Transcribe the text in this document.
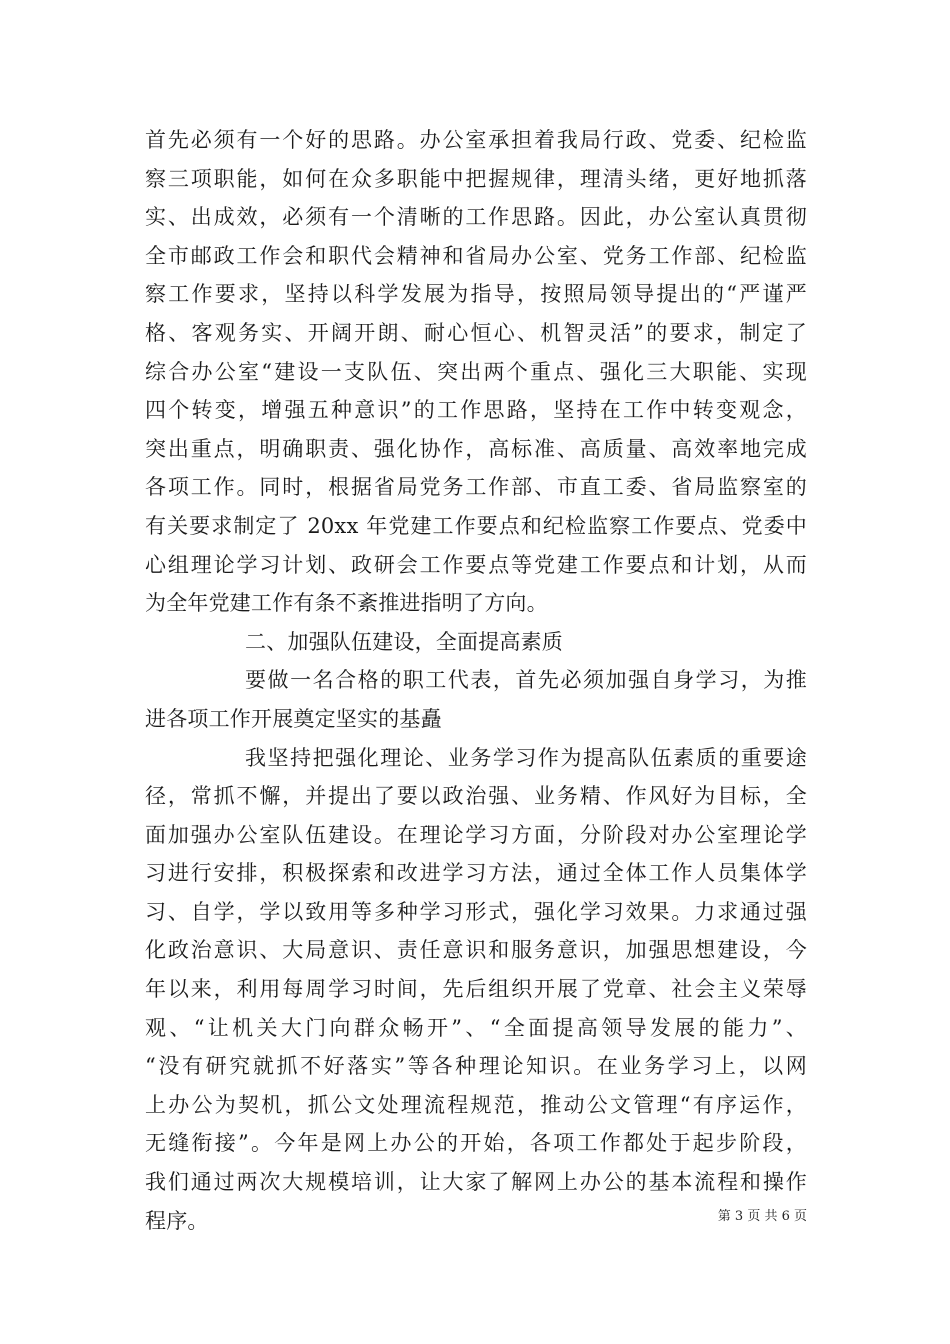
首先必须有一个好的思路。办公室承担着我局行政、党委、纪检监
察三项职能，如何在众多职能中把握规律，理清头绪，更好地抓落
实、出成效，必须有一个清晰的工作思路。因此，办公室认真贯彻
全市邮政工作会和职代会精神和省局办公室、党务工作部、纪检监
察工作要求，坚持以科学发展为指导，按照局领导提出的“严谨严
格、客观务实、开阔开朗、耐心恒心、机智灵活”的要求，制定了
综合办公室“建设一支队伍、突出两个重点、强化三大职能、实现
四个转变，增强五种意识”的工作思路，坚持在工作中转变观念，
突出重点，明确职责、强化协作，高标准、高质量、高效率地完成
各项工作。同时，根据省局党务工作部、市直工委、省局监察室的
有关要求制定了 20xx 年党建工作要点和纪检监察工作要点、党委中
心组理论学习计划、政研会工作要点等党建工作要点和计划，从而
为全年党建工作有条不紊推进指明了方向。
二、加强队伍建设，全面提高素质
要做一名合格的职工代表，首先必须加强自身学习，为推
进各项工作开展奠定坚实的基矗
我坚持把强化理论、业务学习作为提高队伍素质的重要途
径，常抓不懈，并提出了要以政治强、业务精、作风好为目标，全
面加强办公室队伍建设。在理论学习方面，分阶段对办公室理论学
习进行安排，积极探索和改进学习方法，通过全体工作人员集体学
习、自学，学以致用等多种学习形式，强化学习效果。力求通过强
化政治意识、大局意识、责任意识和服务意识，加强思想建设，今
年以来，利用每周学习时间，先后组织开展了党章、社会主义荣辱
观、“让机关大门向群众畅开”、“全面提高领导发展的能力”、
“没有研究就抓不好落实”等各种理论知识。在业务学习上，以网
上办公为契机，抓公文处理流程规范，推动公文管理“有序运作，
无缝衔接”。今年是网上办公的开始，各项工作都处于起步阶段，
我们通过两次大规模培训，让大家了解网上办公的基本流程和操作
程序。	第 3 页 共 6 页
